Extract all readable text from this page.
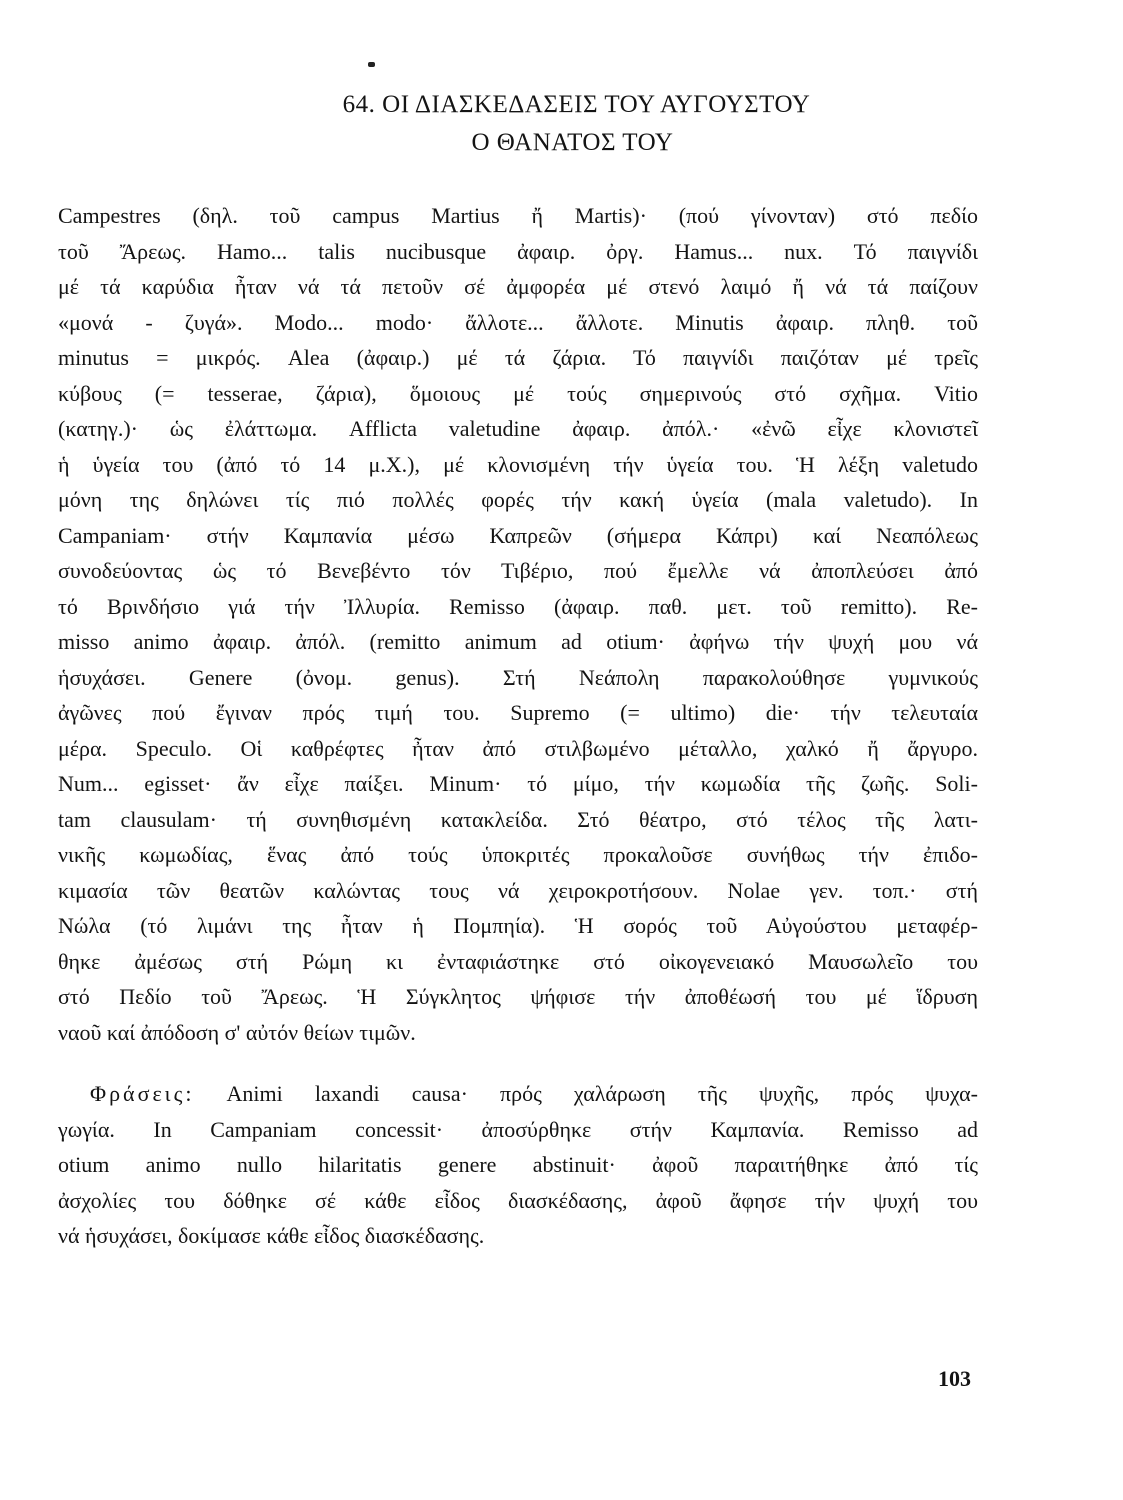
64. ΟΙ ΔΙΑΣΚΕΔΑΣΕΙΣ ΤΟΥ ΑΥΓΟΥΣΤΟΥ
Ο ΘΑΝΑΤΟΣ ΤΟΥ
Campestres (δηλ. τοῦ campus Martius ἤ Martis)· (πού γίνονταν) στό πεδίο
τοῦ Ἄρεως. Hamo... talis nucibusque ἀφαιρ. ὀργ. Hamus... nux. Τό παιγνίδι
μέ τά καρύδια ἦταν νά τά πετοῦν σέ ἀμφορέα μέ στενό λαιμό ἤ νά τά παίζουν
«μονά - ζυγά». Modo... modo· ἄλλοτε... ἄλλοτε. Minutis ἀφαιρ. πληθ. τοῦ
minutus = μικρός. Alea (ἀφαιρ.) μέ τά ζάρια. Τό παιγνίδι παιζόταν μέ τρεῖς
κύβους (= tesserae, ζάρια), ὅμοιους μέ τούς σημερινούς στό σχῆμα. Vitio
(κατηγ.)· ὡς ἐλάττωμα. Afflicta valetudine ἀφαιρ. ἀπόλ.· «ἐνῶ εἶχε κλονιστεῖ
ἡ ὑγεία του (ἀπό τό 14 μ.Χ.), μέ κλονισμένη τήν ὑγεία του. Ἡ λέξη valetudo
μόνη της δηλώνει τίς πιό πολλές φορές τήν κακή ὑγεία (mala valetudo). In
Campaniam· στήν Καμπανία μέσω Καπρεῶν (σήμερα Κάπρι) καί Νεαπόλεως
συνοδεύοντας ὡς τό Βενεβέντο τόν Τιβέριο, πού ἔμελλε νά ἀποπλεύσει ἀπό
τό Βρινδήσιο γιά τήν Ἰλλυρία. Remisso (ἀφαιρ. παθ. μετ. τοῦ remitto). Re-
misso animo ἀφαιρ. ἀπόλ. (remitto animum ad otium· ἀφήνω τήν ψυχή μου νά
ἡσυχάσει. Genere (ὀνομ. genus). Στή Νεάπολη παρακολούθησε γυμνικούς
ἀγῶνες πού ἔγιναν πρός τιμή του. Supremo (= ultimo) die· τήν τελευταία
μέρα. Speculo. Οἱ καθρέφτες ἦταν ἀπό στιλβωμένο μέταλλο, χαλκό ἤ ἄργυρο.
Num... egisset· ἄν εἶχε παίξει. Minum· τό μίμο, τήν κωμωδία τῆς ζωῆς. Soli-
tam clausulam· τή συνηθισμένη κατακλείδα. Στό θέατρο, στό τέλος τῆς λατι-
νικῆς κωμωδίας, ἕνας ἀπό τούς ὑποκριτές προκαλοῦσε συνήθως τήν ἐπιδο-
κιμασία τῶν θεατῶν καλώντας τους νά χειροκροτήσουν. Nolae γεν. τοπ.· στή
Νώλα (τό λιμάνι της ἦταν ἡ Πομπηία). Ἡ σορός τοῦ Αὐγούστου μεταφέρ-
θηκε ἀμέσως στή Ρώμη κι ἐνταφιάστηκε στό οἰκογενειακό Μαυσωλεῖο του
στό Πεδίο τοῦ Ἄρεως. Ἡ Σύγκλητος ψήφισε τήν ἀποθέωσή του μέ ἵδρυση
ναοῦ καί ἀπόδοση σ' αὐτόν θείων τιμῶν.
Φράσεις: Animi laxandi causa· πρός χαλάρωση τῆς ψυχῆς, πρός ψυχα-
γωγία. In Campaniam concessit· ἀποσύρθηκε στήν Καμπανία. Remisso ad
otium animo nullo hilaritatis genere abstinuit· ἀφοῦ παραιτήθηκε ἀπό τίς
ἀσχολίες του δόθηκε σέ κάθε εἶδος διασκέδασης, ἀφοῦ ἄφησε τήν ψυχή του
νά ἡσυχάσει, δοκίμασε κάθε εἶδος διασκέδασης.
103
